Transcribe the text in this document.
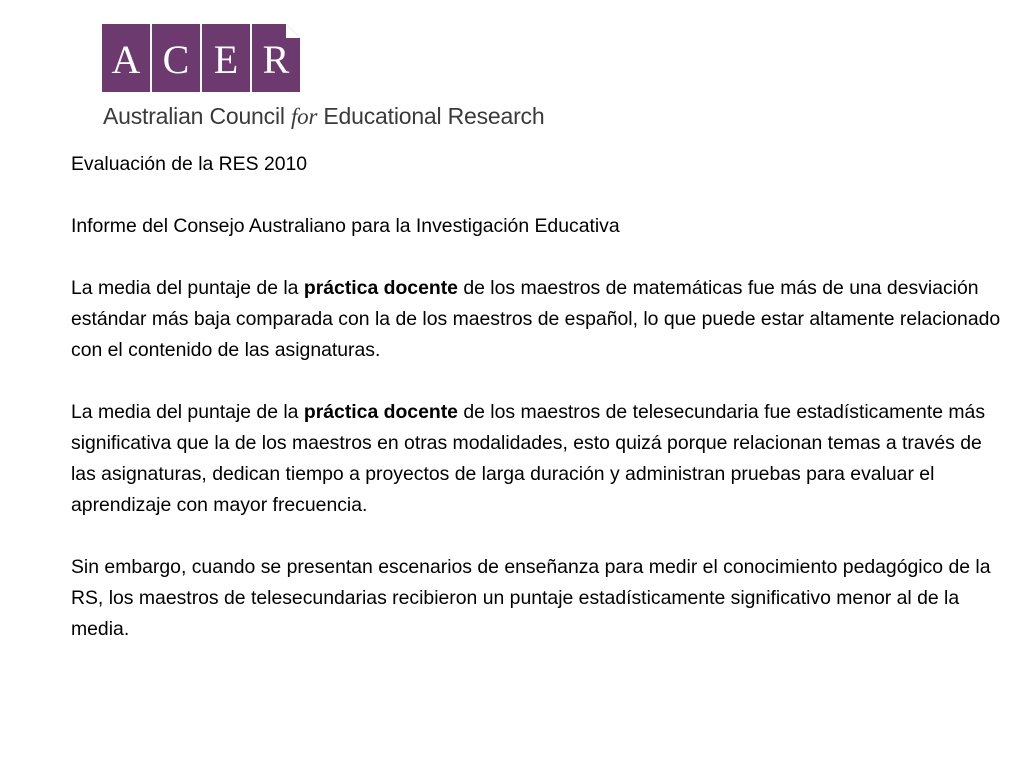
A C E R
Australian Council for Educational Research

Evaluación de la RES 2010

Informe del Consejo Australiano para la Investigación Educativa

La media del puntaje de la práctica docente de los maestros de matemáticas fue más de una desviación estándar más baja comparada con la de los maestros de español, lo que puede estar altamente relacionado con el contenido de las asignaturas.

La media del puntaje de la práctica docente de los maestros de telesecundaria fue estadísticamente más significativa que la de los maestros en otras modalidades, esto quizá porque relacionan temas a través de las asignaturas, dedican tiempo a proyectos de larga duración y administran pruebas para evaluar el aprendizaje con mayor frecuencia.

Sin embargo, cuando se presentan escenarios de enseñanza para medir el conocimiento pedagógico de la RS, los maestros de telesecundarias recibieron un puntaje estadísticamente significativo menor al de la media.
